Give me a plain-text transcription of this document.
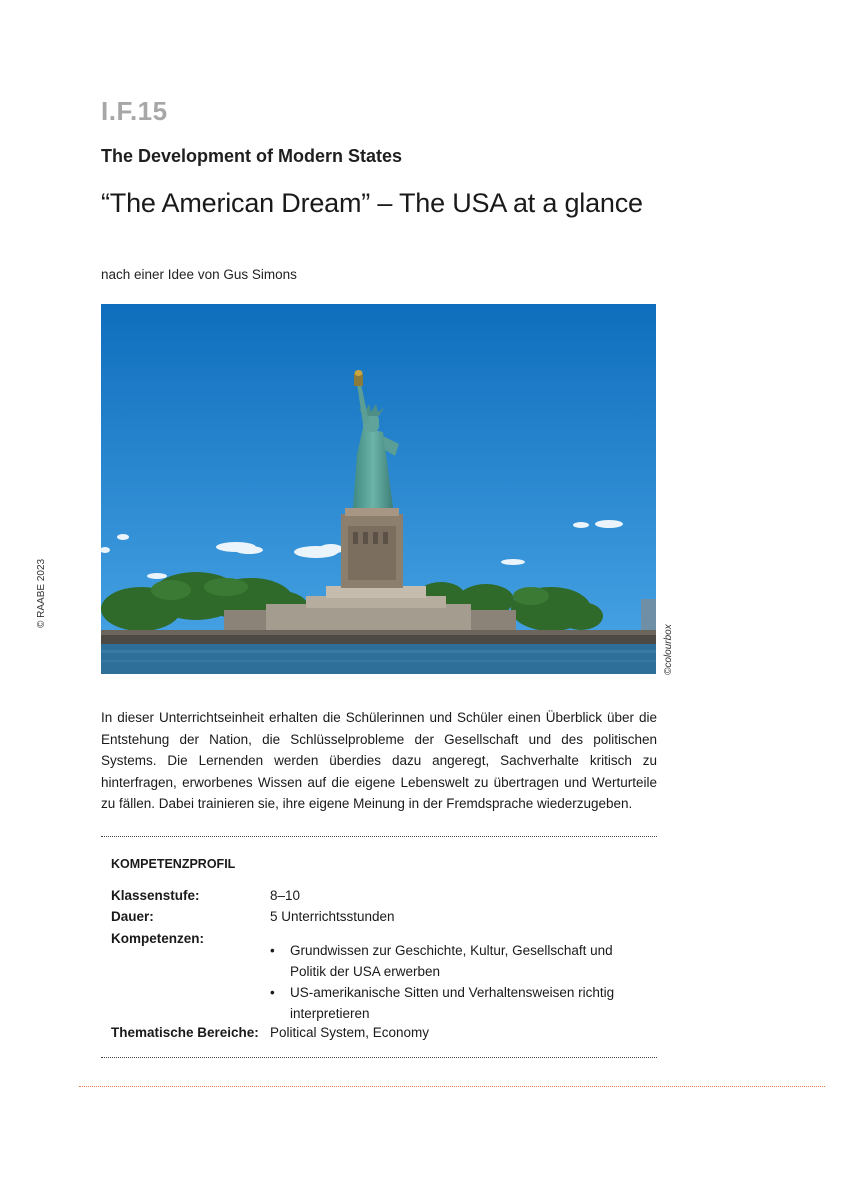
I.F.15
The Development of Modern States
“The American Dream” – The USA at a glance
nach einer Idee von Gus Simons
©colourbox
© RAABE 2023
In dieser Unterrichtseinheit erhalten die Schülerinnen und Schüler einen Überblick über die Entstehung der Nation, die Schlüsselprobleme der Gesellschaft und des politischen Systems. Die Lernenden werden überdies dazu angeregt, Sachverhalte kritisch zu hinterfragen, erworbenes Wissen auf die eigene Lebenswelt zu übertragen und Werturteile zu fällen. Dabei trainieren sie, ihre eigene Meinung in der Fremdsprache wiederzugeben.
KOMPETENZPROFIL
Klassenstufe:	8–10
Dauer:	5 Unterrichtsstunden
Kompetenzen:
• Grundwissen zur Geschichte, Kultur, Gesellschaft und Politik der USA erwerben
• US-amerikanische Sitten und Verhaltensweisen richtig interpretieren
Thematische Bereiche: Political System, Economy
